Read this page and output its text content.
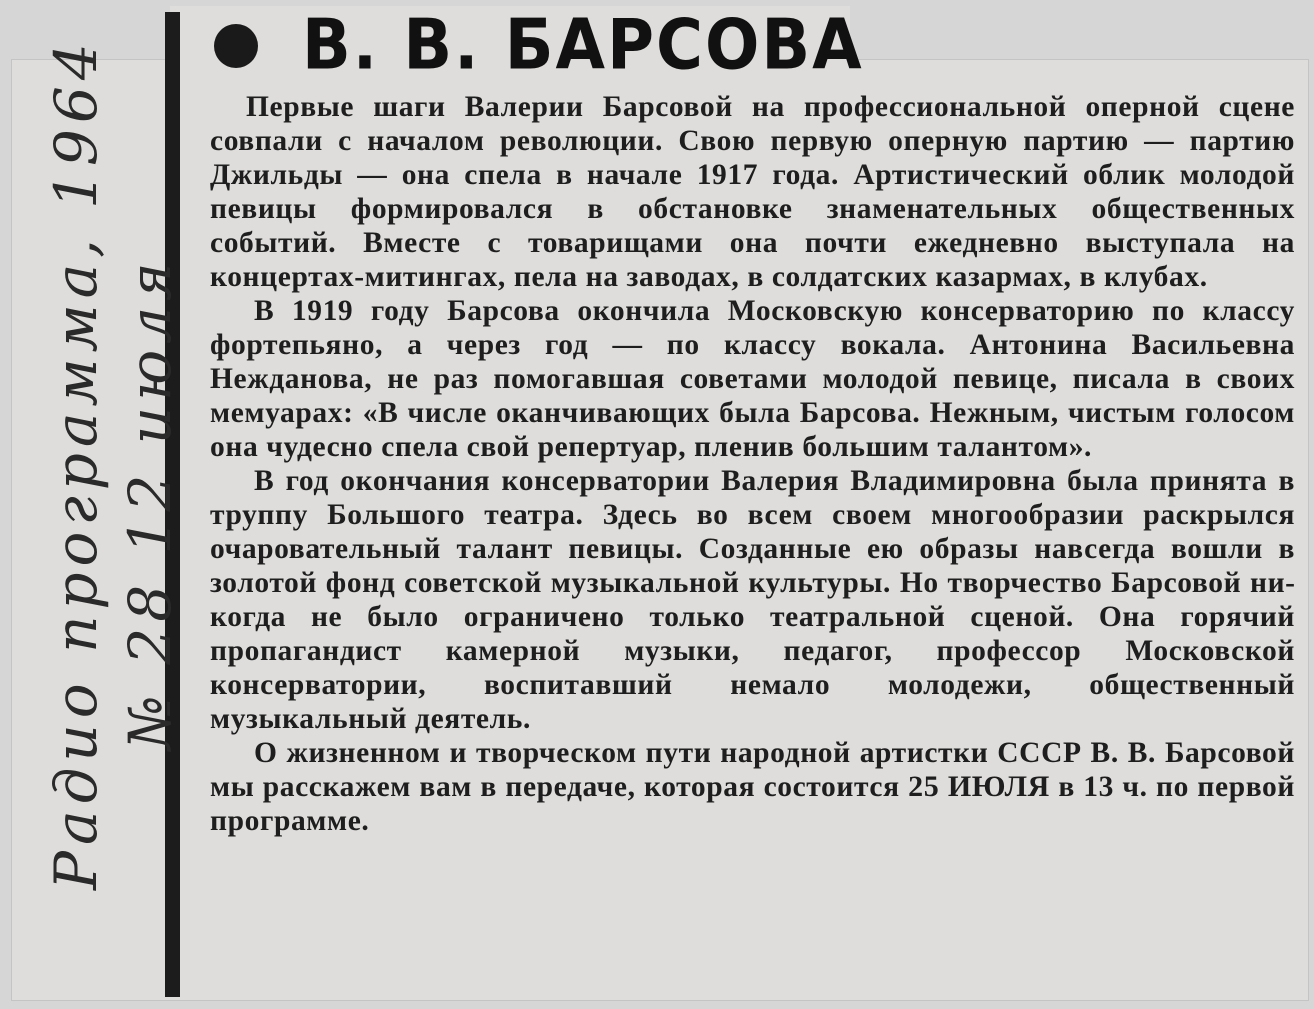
В. В. БАРСОВА

Первые шаги Валерии Барсовой на профессиональной оперной сцене совпали с началом революции. Свою первую оперную партию — партию Джильды — она спела в начале 1917 года. Артистический облик молодой певицы формировался в обстановке знаменательных общественных событий. Вместе с товарищами она почти ежедневно выступала на концертах-митингах, пела на заводах, в солдатских казармах, в клубах.

В 1919 году Барсова окончила Московскую консерваторию по классу фортепьяно, а через год — по классу вокала. Антонина Васильевна Нежданова, не раз помогавшая советами молодой певице, писала в своих мемуарах: «В числе оканчивающих была Барсова. Нежным, чистым голосом она чудесно спела свой репертуар, пленив большим талантом».

В год окончания консерватории Валерия Владимировна была принята в труппу Большого театра. Здесь во всем своем многообразии раскрылся очаровательный талант певицы. Созданные ею образы навсегда вошли в золотой фонд советской музыкальной культуры. Но творчество Барсовой никогда не было ограничено только театральной сценой. Она горячий пропагандист камерной музыки, педагог, профессор Московской консерватории, воспитавший немало молодежи, общественный музыкальный деятель.

О жизненном и творческом пути народной артистки СССР В. В. Барсовой мы расскажем вам в передаче, которая состоится 25 ИЮЛЯ в 13 ч. по первой программе.

Радио программа, 1964 № 28 12 июля
